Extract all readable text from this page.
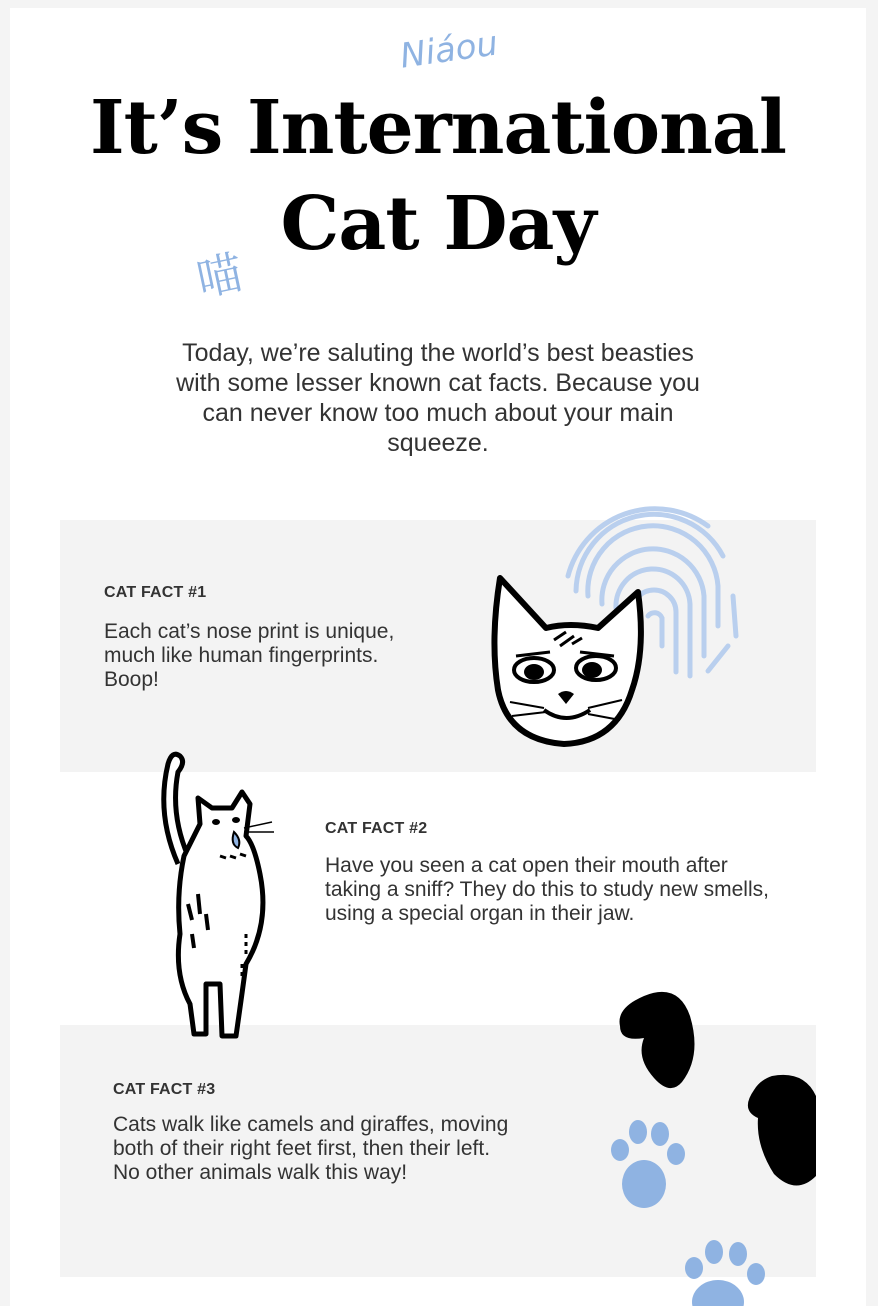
Niáou
喵
It’s International
Cat Day

Today, we’re saluting the world’s best beasties with some lesser known cat facts. Because you can never know too much about your main squeeze.

CAT FACT #1

Each cat’s nose print is unique, much like human fingerprints. Boop!

CAT FACT #2

Have you seen a cat open their mouth after taking a sniff? They do this to study new smells, using a special organ in their jaw.

CAT FACT #3

Cats walk like camels and giraffes, moving both of their right feet first, then their left. No other animals walk this way!
